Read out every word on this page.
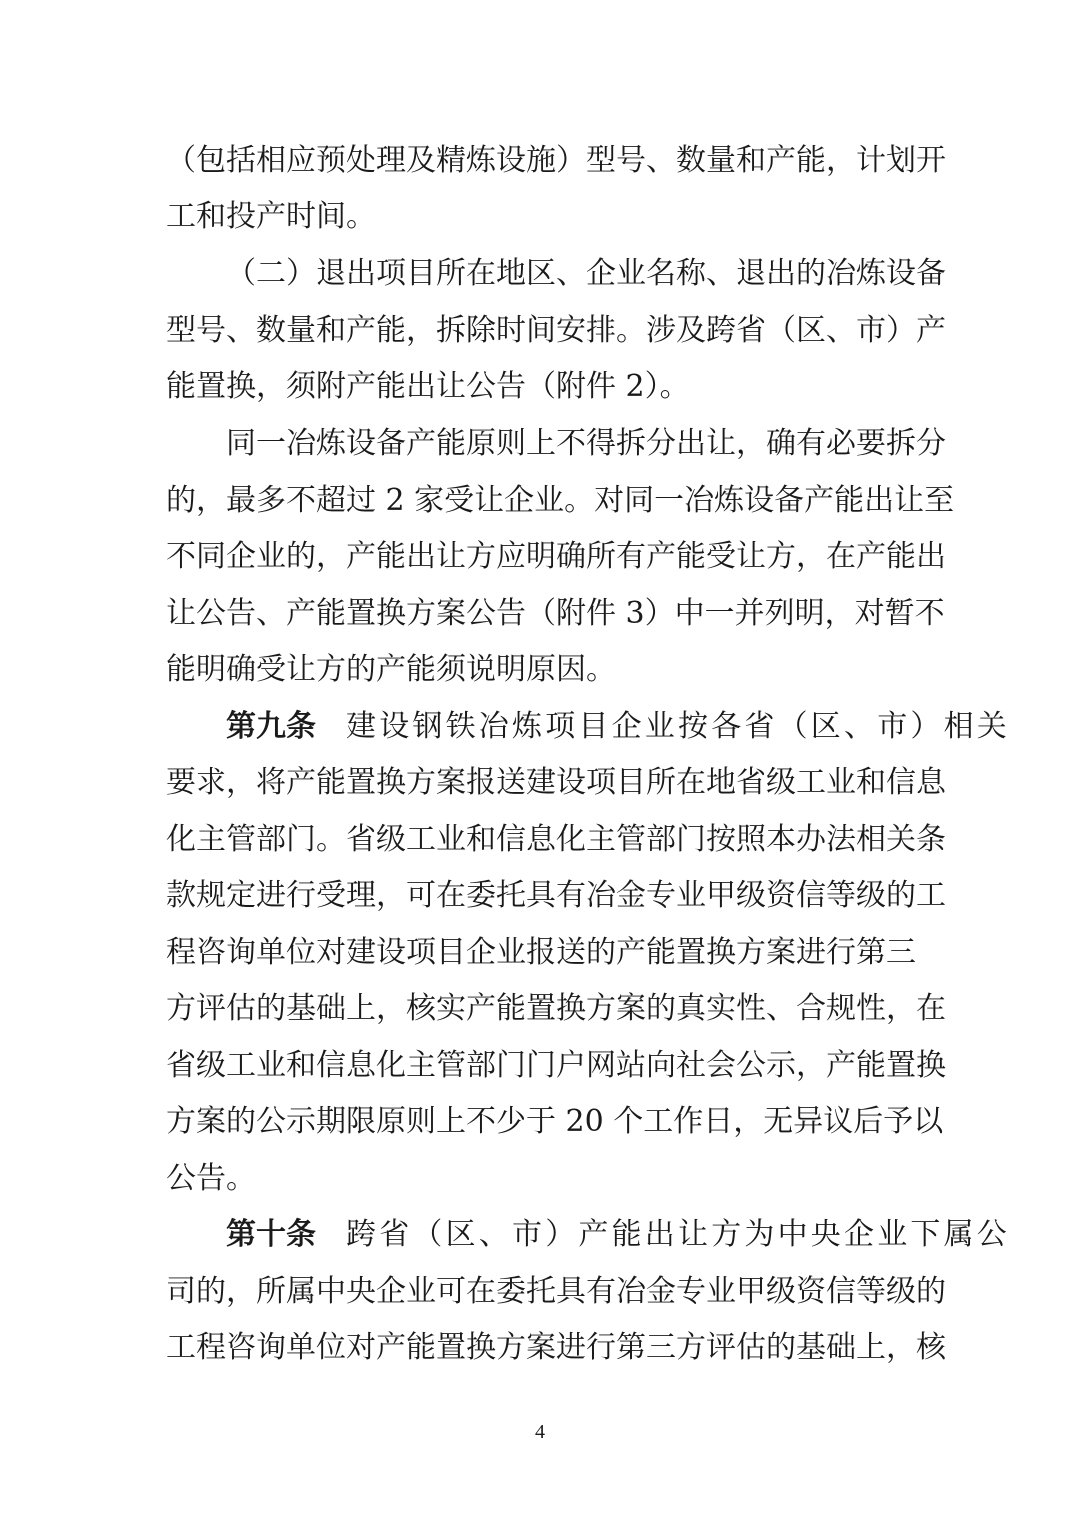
（包括相应预处理及精炼设施）型号、数量和产能，计划开
工和投产时间。
（二）退出项目所在地区、企业名称、退出的冶炼设备
型号、数量和产能，拆除时间安排。涉及跨省（区、市）产
能置换，须附产能出让公告（附件 2）。
同一冶炼设备产能原则上不得拆分出让，确有必要拆分
的，最多不超过 2 家受让企业。对同一冶炼设备产能出让至
不同企业的，产能出让方应明确所有产能受让方，在产能出
让公告、产能置换方案公告（附件 3）中一并列明，对暂不
能明确受让方的产能须说明原因。
第九条 建设钢铁冶炼项目企业按各省（区、市）相关
要求，将产能置换方案报送建设项目所在地省级工业和信息
化主管部门。省级工业和信息化主管部门按照本办法相关条
款规定进行受理，可在委托具有冶金专业甲级资信等级的工
程咨询单位对建设项目企业报送的产能置换方案进行第三
方评估的基础上，核实产能置换方案的真实性、合规性，在
省级工业和信息化主管部门门户网站向社会公示，产能置换
方案的公示期限原则上不少于 20 个工作日，无异议后予以
公告。
第十条 跨省（区、市）产能出让方为中央企业下属公
司的，所属中央企业可在委托具有冶金专业甲级资信等级的
工程咨询单位对产能置换方案进行第三方评估的基础上，核
4
